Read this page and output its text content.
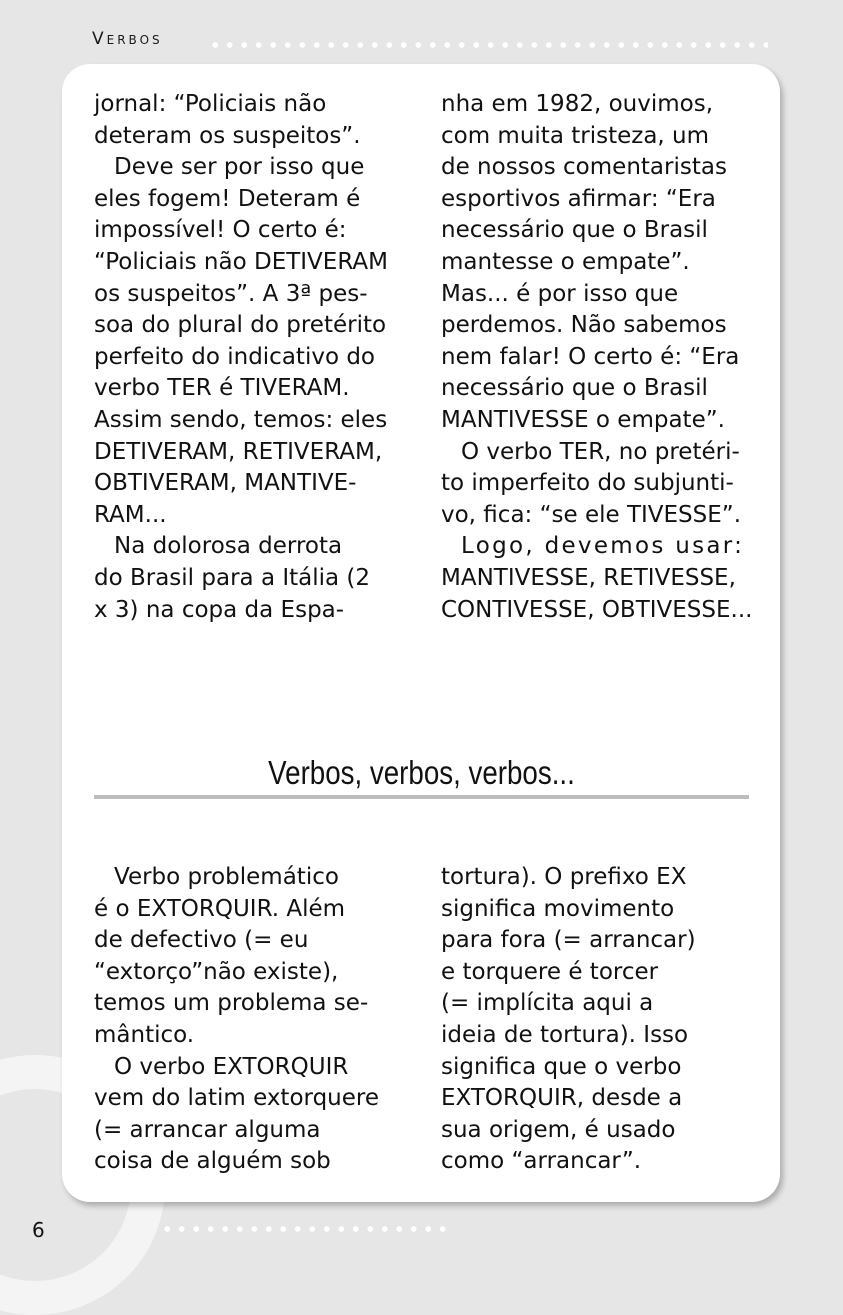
Verbos

jornal: “Policiais não

deteram os suspeitos”.

Deve ser por isso que

eles fogem! Deteram é

impossível! O certo é:

“Policiais não DETIVERAM

os suspeitos”. A 3ª pes-

soa do plural do pretérito

perfeito do indicativo do

verbo TER é TIVERAM.

Assim sendo, temos: eles

DETIVERAM, RETIVERAM,

OBTIVERAM, MANTIVE-

RAM...

Na dolorosa derrota

do Brasil para a Itália (2

x 3) na copa da Espa-

nha em 1982, ouvimos,

com muita tristeza, um

de nossos comentaristas

esportivos afirmar: “Era

necessário que o Brasil

mantesse o empate”.

Mas... é por isso que

perdemos. Não sabemos

nem falar! O certo é: “Era

necessário que o Brasil

MANTIVESSE o empate”.

O verbo TER, no pretéri-

to imperfeito do subjunti-

vo, fica: “se ele TIVESSE”.

Logo, devemos usar:

MANTIVESSE, RETIVESSE,

CONTIVESSE, OBTIVESSE...

Verbos, verbos, verbos...

Verbo problemático

é o EXTORQUIR. Além

de defectivo (= eu

“extorço”não existe),

temos um problema se-

mântico.

O verbo EXTORQUIR

vem do latim extorquere

(= arrancar alguma

coisa de alguém sob

tortura). O prefixo EX

significa movimento

para fora (= arrancar)

e torquere é torcer

(= implícita aqui a

ideia de tortura). Isso

significa que o verbo

EXTORQUIR, desde a

sua origem, é usado

como “arrancar”.

6
